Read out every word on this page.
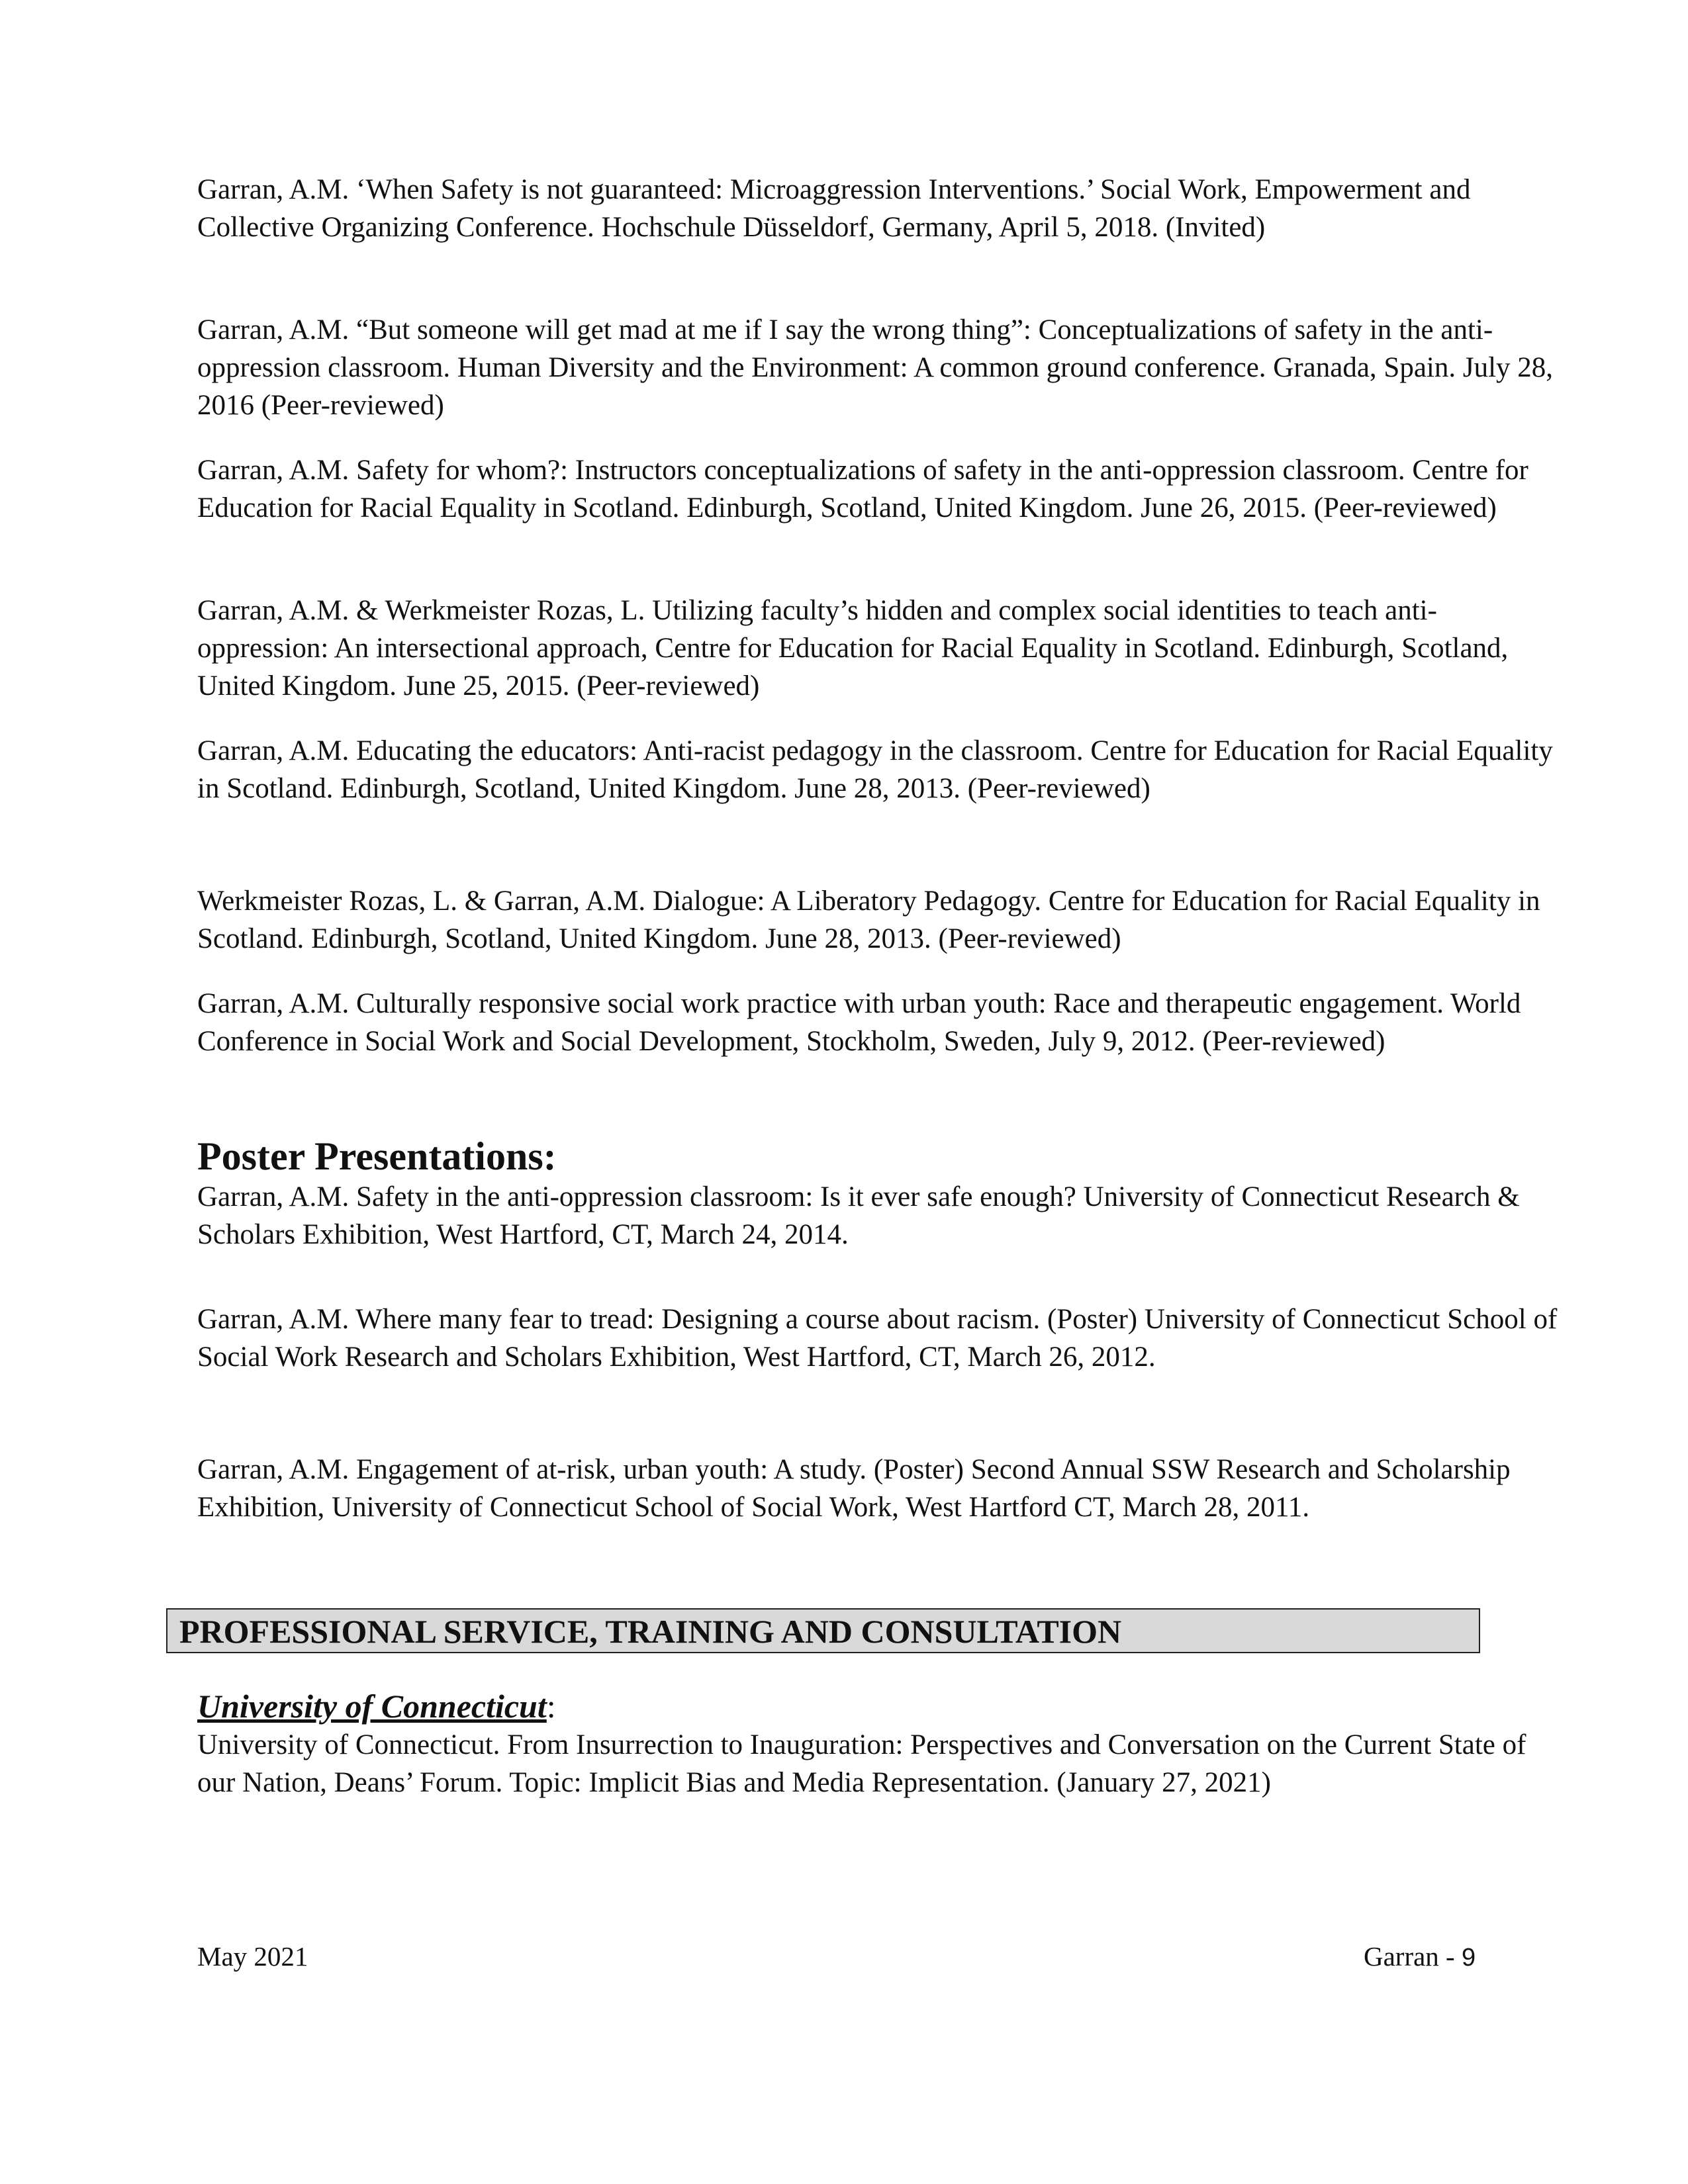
Garran, A.M. ‘When Safety is not guaranteed: Microaggression Interventions.’ Social Work, Empowerment and Collective Organizing Conference. Hochschule Düsseldorf, Germany, April 5, 2018. (Invited)

Garran, A.M. “But someone will get mad at me if I say the wrong thing”: Conceptualizations of safety in the anti-oppression classroom. Human Diversity and the Environment: A common ground conference. Granada, Spain. July 28, 2016 (Peer-reviewed)

Garran, A.M. Safety for whom?: Instructors conceptualizations of safety in the anti-oppression classroom. Centre for Education for Racial Equality in Scotland. Edinburgh, Scotland, United Kingdom. June 26, 2015. (Peer-reviewed)

Garran, A.M. & Werkmeister Rozas, L. Utilizing faculty’s hidden and complex social identities to teach anti-oppression: An intersectional approach, Centre for Education for Racial Equality in Scotland. Edinburgh, Scotland, United Kingdom. June 25, 2015. (Peer-reviewed)

Garran, A.M. Educating the educators: Anti-racist pedagogy in the classroom. Centre for Education for Racial Equality in Scotland. Edinburgh, Scotland, United Kingdom. June 28, 2013. (Peer-reviewed)

Werkmeister Rozas, L. & Garran, A.M. Dialogue: A Liberatory Pedagogy. Centre for Education for Racial Equality in Scotland. Edinburgh, Scotland, United Kingdom. June 28, 2013. (Peer-reviewed)

Garran, A.M. Culturally responsive social work practice with urban youth: Race and therapeutic engagement. World Conference in Social Work and Social Development, Stockholm, Sweden, July 9, 2012. (Peer-reviewed)

Poster Presentations:

Garran, A.M. Safety in the anti-oppression classroom: Is it ever safe enough? University of Connecticut Research & Scholars Exhibition, West Hartford, CT, March 24, 2014.

Garran, A.M. Where many fear to tread: Designing a course about racism. (Poster) University of Connecticut School of Social Work Research and Scholars Exhibition, West Hartford, CT, March 26, 2012.

Garran, A.M. Engagement of at-risk, urban youth: A study. (Poster) Second Annual SSW Research and Scholarship Exhibition, University of Connecticut School of Social Work, West Hartford CT, March 28, 2011.

PROFESSIONAL SERVICE, TRAINING AND CONSULTATION

University of Connecticut:

University of Connecticut. From Insurrection to Inauguration: Perspectives and Conversation on the Current State of our Nation, Deans’ Forum. Topic: Implicit Bias and Media Representation. (January 27, 2021)

May 2021	Garran - 9
